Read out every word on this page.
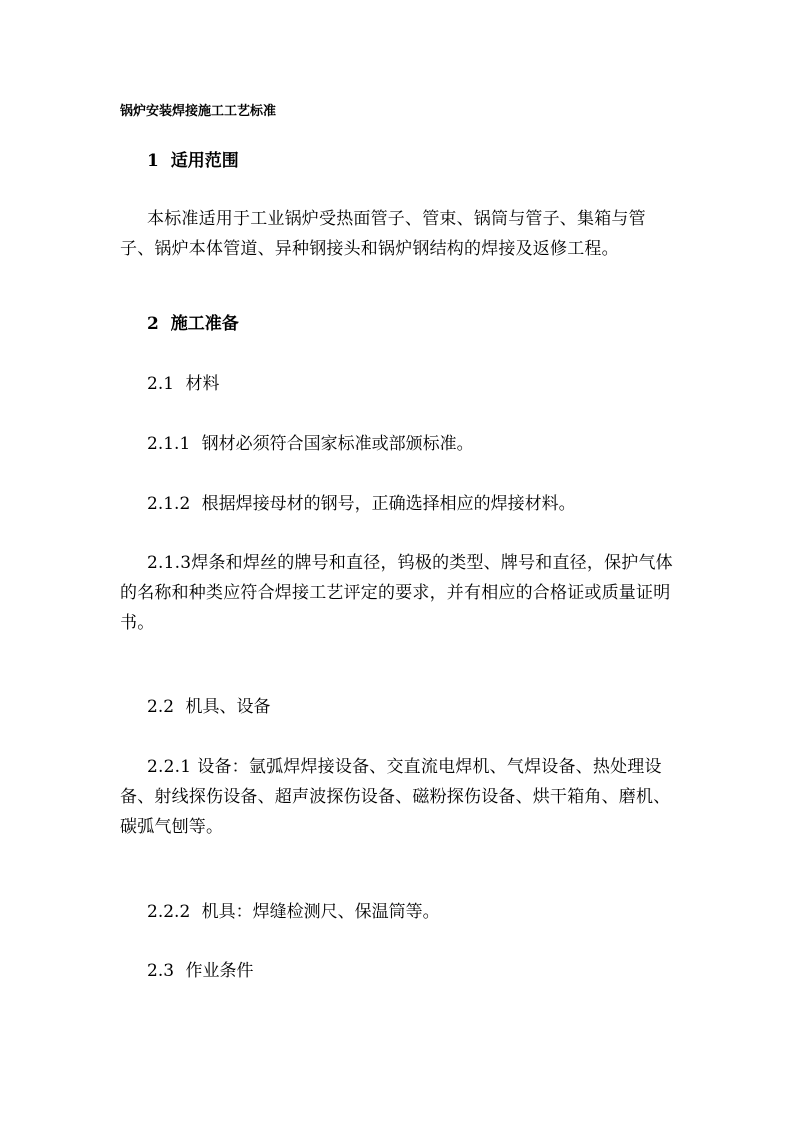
锅炉安装焊接施工工艺标准
1 适用范围
本标准适用于工业锅炉受热面管子、管束、锅筒与管子、集箱与管子、锅炉本体管道、异种钢接头和锅炉钢结构的焊接及返修工程。
2 施工准备
2.1 材料
2.1.1 钢材必须符合国家标准或部颁标准。
2.1.2 根据焊接母材的钢号，正确选择相应的焊接材料。
2.1.3焊条和焊丝的牌号和直径，钨极的类型、牌号和直径，保护气体的名称和种类应符合焊接工艺评定的要求，并有相应的合格证或质量证明书。
2.2 机具、设备
2.2.1 设备：氩弧焊焊接设备、交直流电焊机、气焊设备、热处理设备、射线探伤设备、超声波探伤设备、磁粉探伤设备、烘干箱角、磨机、碳弧气刨等。
2.2.2 机具：焊缝检测尺、保温筒等。
2.3 作业条件
